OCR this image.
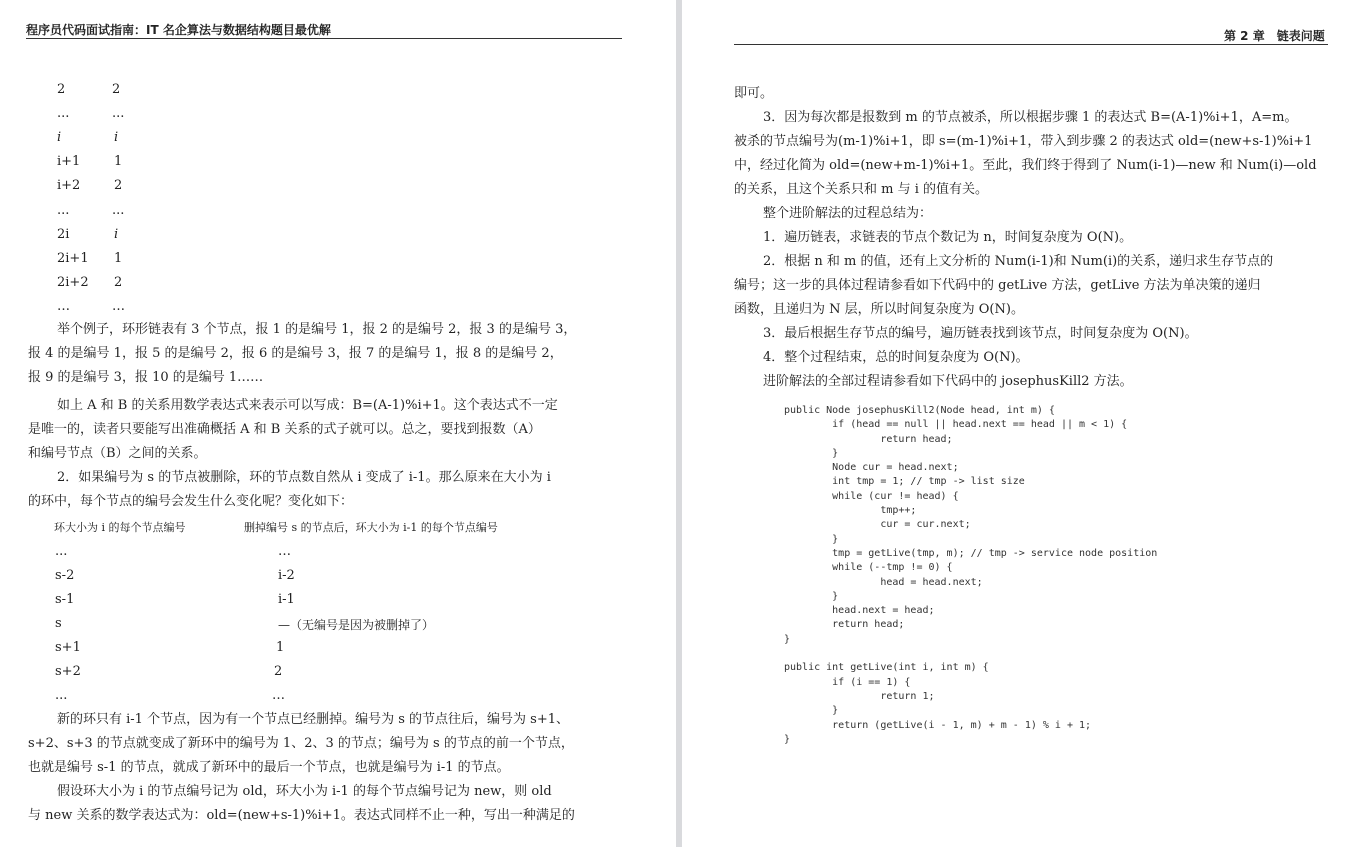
程序员代码面试指南：IT 名企算法与数据结构题目最优解
2	2
...	...
i	i
i+1	1
i+2	2
...	...
2i	i
2i+1 1
2i+2 2
…	…
举个例子，环形链表有 3 个节点，报 1 的是编号 1，报 2 的是编号 2，报 3 的是编号 3，
报 4 的是编号 1，报 5 的是编号 2，报 6 的是编号 3，报 7 的是编号 1，报 8 的是编号 2，
报 9 的是编号 3，报 10 的是编号 1……
如上 A 和 B 的关系用数学表达式来表示可以写成：B=(A-1)%i+1。这个表达式不一定
是唯一的，读者只要能写出准确概括 A 和 B 关系的式子就可以。总之，要找到报数（A）
和编号节点（B）之间的关系。
2．如果编号为 s 的节点被删除，环的节点数自然从 i 变成了 i-1。那么原来在大小为 i
的环中，每个节点的编号会发生什么变化呢？变化如下：
环大小为 i 的每个节点编号	删掉编号 s 的节点后，环大小为 i-1 的每个节点编号
...	…
s-2	i-2
s-1	i-1
s	—（无编号是因为被删掉了）
s+1	1
s+2	2
...	…
新的环只有 i-1 个节点，因为有一个节点已经删掉。编号为 s 的节点往后，编号为 s+1、
s+2、s+3 的节点就变成了新环中的编号为 1、2、3 的节点；编号为 s 的节点的前一个节点，
也就是编号 s-1 的节点，就成了新环中的最后一个节点，也就是编号为 i-1 的节点。
假设环大小为 i 的节点编号记为 old，环大小为 i-1 的每个节点编号记为 new，则 old
与 new 关系的数学表达式为：old=(new+s-1)%i+1。表达式同样不止一种，写出一种满足的
第 2 章　链表问题
即可。
3．因为每次都是报数到 m 的节点被杀，所以根据步骤 1 的表达式 B=(A-1)%i+1，A=m。
被杀的节点编号为(m-1)%i+1，即 s=(m-1)%i+1，带入到步骤 2 的表达式 old=(new+s-1)%i+1
中，经过化简为 old=(new+m-1)%i+1。至此，我们终于得到了 Num(i-1)—new 和 Num(i)—old
的关系，且这个关系只和 m 与 i 的值有关。
整个进阶解法的过程总结为：
1．遍历链表，求链表的节点个数记为 n，时间复杂度为 O(N)。
2．根据 n 和 m 的值，还有上文分析的 Num(i-1)和 Num(i)的关系，递归求生存节点的
编号；这一步的具体过程请参看如下代码中的 getLive 方法，getLive 方法为单决策的递归
函数，且递归为 N 层，所以时间复杂度为 O(N)。
3．最后根据生存节点的编号，遍历链表找到该节点，时间复杂度为 O(N)。
4．整个过程结束，总的时间复杂度为 O(N)。
进阶解法的全部过程请参看如下代码中的 josephusKill2 方法。
public Node josephusKill2(Node head, int m) {
if (head == null || head.next == head || m < 1) {
return head;
}
Node cur = head.next;
int tmp = 1; // tmp -> list size
while (cur != head) {
tmp++;
cur = cur.next;
}
tmp = getLive(tmp, m); // tmp -> service node position
while (--tmp != 0) {
head = head.next;
}
head.next = head;
return head;
}

public int getLive(int i, int m) {
if (i == 1) {
return 1;
}
return (getLive(i - 1, m) + m - 1) % i + 1;
}
